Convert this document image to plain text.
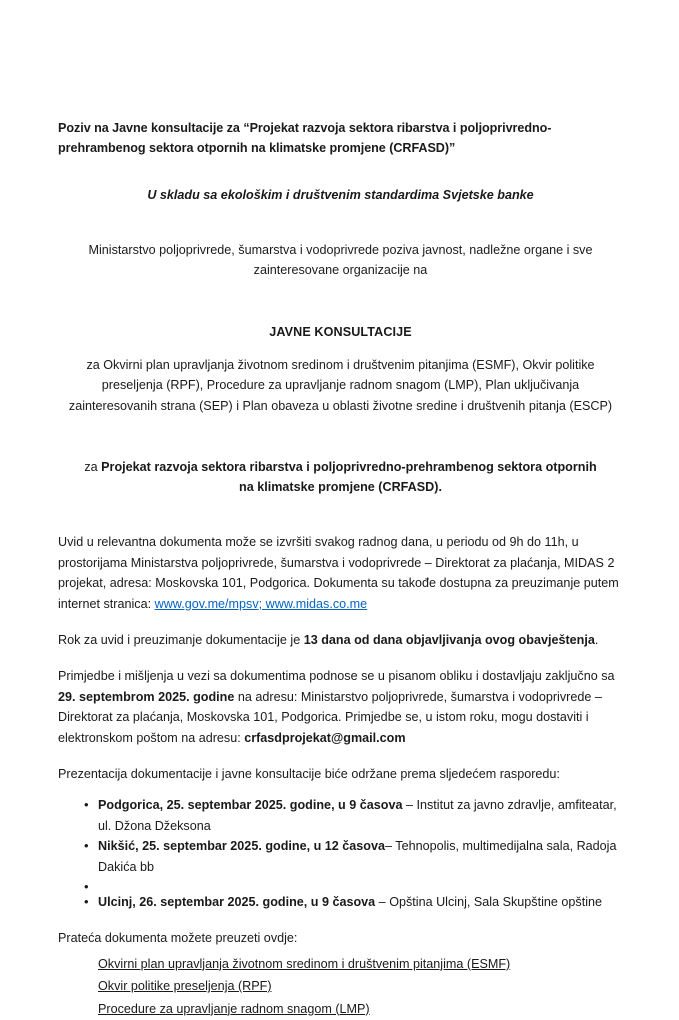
Poziv na Javne konsultacije za “Projekat razvoja sektora ribarstva i poljoprivredno-
prehrambenog sektora otpornih na klimatske promjene (CRFASD)”

U skladu sa ekološkim i društvenim standardima Svjetske banke

Ministarstvo poljoprivrede, šumarstva i vodoprivrede poziva javnost, nadležne organe i sve zainteresovane organizacije na

JAVNE KONSULTACIJE

za Okvirni plan upravljanja životnom sredinom i društvenim pitanjima (ESMF), Okvir politike preseljenja (RPF), Procedure za upravljanje radnom snagom (LMP), Plan uključivanja zainteresovanih strana (SEP) i Plan obaveza u oblasti životne sredine i društvenih pitanja (ESCP)

za Projekat razvoja sektora ribarstva i poljoprivredno-prehrambenog sektora otpornih na klimatske promjene (CRFASD).

Uvid u relevantna dokumenta može se izvršiti svakog radnog dana, u periodu od 9h do 11h, u prostorijama Ministarstva poljoprivrede, šumarstva i vodoprivrede – Direktorat za plaćanja, MIDAS 2 projekat, adresa: Moskovska 101, Podgorica. Dokumenta su takođe dostupna za preuzimanje putem internet stranica: www.gov.me/mpsv; www.midas.co.me

Rok za uvid i preuzimanje dokumentacije je 13 dana od dana objavljivanja ovog obavještenja.

Primjedbe i mišljenja u vezi sa dokumentima podnose se u pisanom obliku i dostavljaju zaključno sa 29. septembrom 2025. godine na adresu: Ministarstvo poljoprivrede, šumarstva i vodoprivrede – Direktorat za plaćanja, Moskovska 101, Podgorica. Primjedbe se, u istom roku, mogu dostaviti i elektronskom poštom na adresu: crfasdprojekat@gmail.com

Prezentacija dokumentacije i javne konsultacije biće održane prema sljedećem rasporedu:

• Podgorica, 25. septembar 2025. godine, u 9 časova – Institut za javno zdravlje, amfiteatar, ul. Džona Džeksona
• Nikšić, 25. septembar 2025. godine, u 12 časova– Tehnopolis, multimedijalna sala, Radoja Dakića bb
•
• Ulcinj, 26. septembar 2025. godine, u 9 časova – Opština Ulcinj, Sala Skupštine opštine

Prateća dokumenta možete preuzeti ovdje:

Okvirni plan upravljanja životnom sredinom i društvenim pitanjima (ESMF)
Okvir politike preseljenja (RPF)
Procedure za upravljanje radnom snagom (LMP)
